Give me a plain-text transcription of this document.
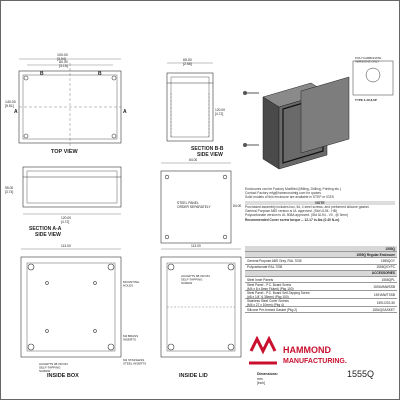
TOP VIEW
100.00 [3.94]
80.00 [3.15]
140.00 [5.51]
B	B
A	A
SECTION B-B
SIDE VIEW
65.00 [2.56]
120.00 [4.72]
SECTION A-A
SIDE VIEW
120.00 [4.72]
95.00 [3.74]
STEEL PANEL ORDER SEPARATELY
84.00
84.00
INSIDE BOX
113.00
MOUNTING HOLES
ACCEPTS #8 OR M4 SELF-TAPPING SCREW
M4 BRASS INSERTS
INSIDE LID
113.00
ACCEPTS #8 OR M4 SELF-TAPPING SCREW
M4 STAINLESS STEEL INSERTS
POLYCARBONATE VERSIONS ONLY
TYPE 4,4X,6,6P
HAMMOND
MANUFACTURING.
1555Q
Dimensions:
mm [inch]
Enclosures can be Factory Modified (Milling, Drilling, Printing etc.)
Contact Factory mfg@hammondmfg.com for quotes.
Solid models of this enclosure are available in STEP or IGES
NOTE
Purchased assembly includes box, lid, 4 steel screws, and preformed silicone gasket.
General Purpose ABS version is UL approved. (Std UL94 - HB)
Polycarbonate version is UL 508A approved. (Std UL94 - V0 , @ 3mm)
Recommended Cover screw torque -- 12-17 in-lbs (0.40 N-m)
1555Q
1555Q Regular Enclosure
General Purpose ABS Grey, RAL 7035	1555QGY
Polycarbonate RAL 7035	1555QGYPC
ACCESSORIES
Steel Inner Panels	1555QPL
Steel Panel - P.C. Board Screw
(M4 x 8 x 8mm Fluted) (Pkg 100)	1591MMWSSB
Steel Panel - P.C. Board Self-Tapping Screw
(#8 x 1/4" 6.35mm) (Pkg 100)	1591MWTSSB
Stainless Steel Cover Screws
(M4 x 27 x 10mm) (Pkg 4)	1591CSS-50
Silicone Pre-formed Gasket (Pkg 2)	1554QGASKET
